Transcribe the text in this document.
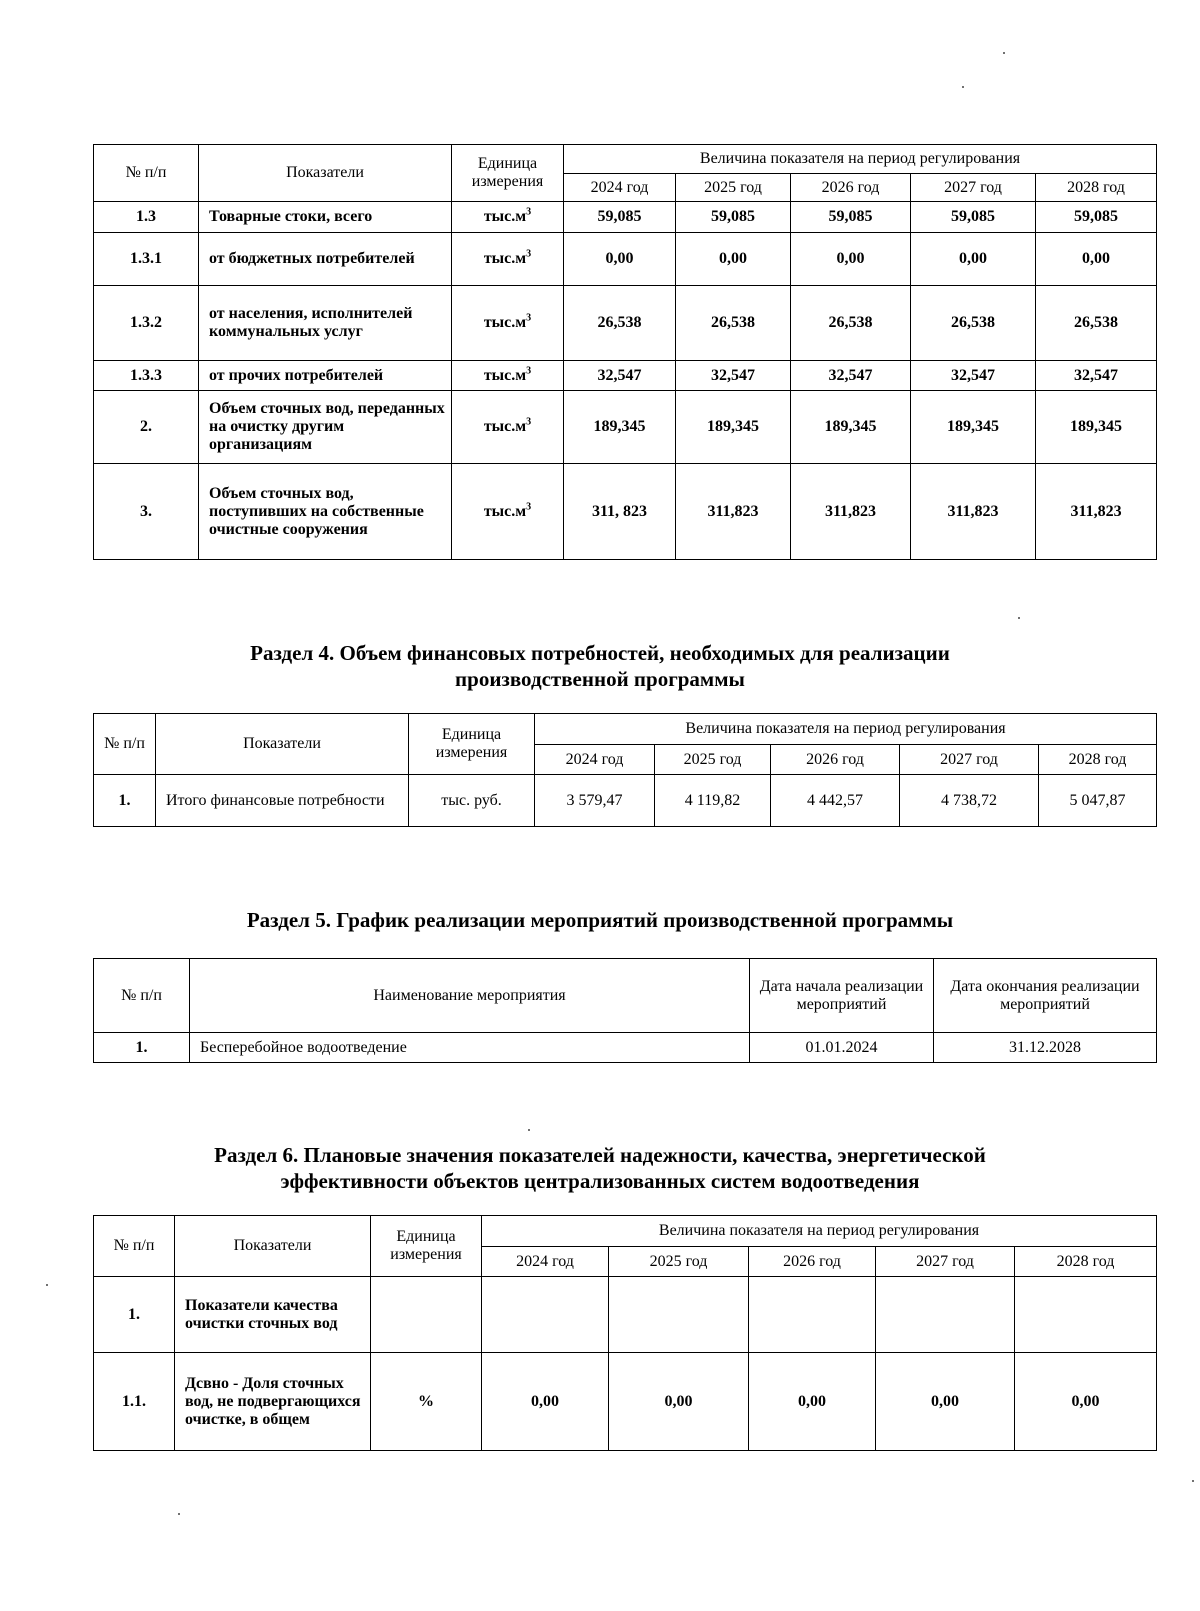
№ п/п	Показатели	Единица измерения	Величина показателя на период регулирования				
			2024 год	2025 год	2026 год	2027 год	2028 год
1.3	Товарные стоки, всего	$тыс.м^3$	59,085	59,085	59,085	59,085	59,085
1.3.1	от бюджетных потребителей	$тыс.м^3$	0,00	0,00	0,00	0,00	0,00
1.3.2	от населения, исполнителей коммунальных услуг	$тыс.м^3$	26,538	26,538	26,538	26,538	26,538
1.3.3	от прочих потребителей	$тыс.м^3$	32,547	32,547	32,547	32,547	32,547
2.	Объем сточных вод, переданных на очистку другим организациям	$тыс.м^3$	189,345	189,345	189,345	189,345	189,345
3.	Объем сточных вод, поступивших на собственные очистные сооружения	$тыс.м^3$	311, 823	311,823	311,823	311,823	311,823
Раздел 4. Объем финансовых потребностей, необходимых для реализации
производственной программы
№ п/п	Показатели	Единица измерения	Величина показателя на период регулирования				
			2024 год	2025 год	2026 год	2027 год	2028 год
1.	Итого финансовые потребности	тыс. руб.	3 579,47	4 119,82	4 442,57	4 738,72	5 047,87
Раздел 5. График реализации мероприятий производственной программы
№ п/п	Наименование мероприятия	Дата начала реализации мероприятий	Дата окончания реализации мероприятий
1.	Бесперебойное водоотведение	01.01.2024	31.12.2028
Раздел 6. Плановые значения показателей надежности, качества, энергетической
эффективности объектов централизованных систем водоотведения
№ п/п	Показатели	Единица измерения	Величина показателя на период регулирования				
			2024 год	2025 год	2026 год	2027 год	2028 год
1.	Показатели качества очистки сточных вод						
1.1.	Дсвно - Доля сточных вод, не подвергающихся очистке, в общем	%	0,00	0,00	0,00	0,00	0,00
